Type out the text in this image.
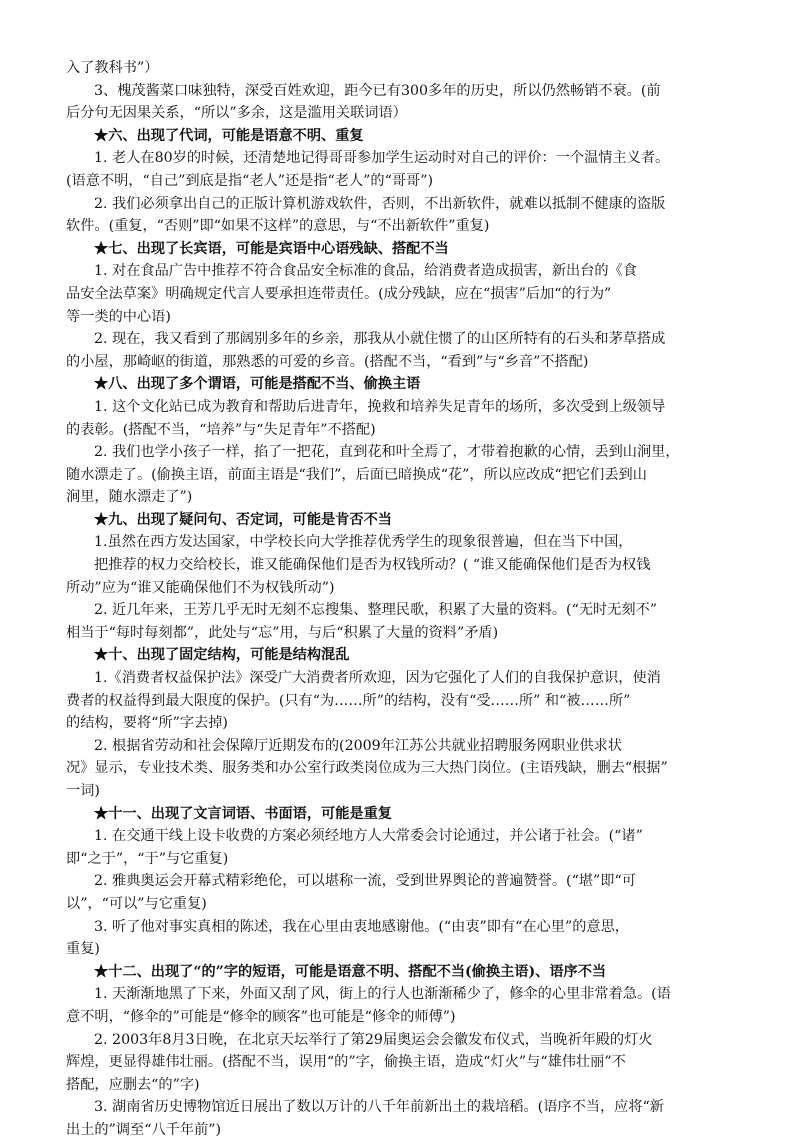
入了教科书”）
3、槐茂酱菜口味独特，深受百姓欢迎，距今已有300多年的历史，所以仍然畅销不衰。(前
后分句无因果关系，“所以”多余，这是滥用关联词语）
★六、出现了代词，可能是语意不明、重复
1. 老人在80岁的时候，还清楚地记得哥哥参加学生运动时对自己的评价：一个温情主义者。
(语意不明，“自己”到底是指“老人”还是指“老人”的“哥哥”)
2. 我们必须拿出自己的正版计算机游戏软件，否则，不出新软件，就难以抵制不健康的盗版
软件。(重复，“否则”即“如果不这样”的意思，与“不出新软件”重复)
★七、出现了长宾语，可能是宾语中心语残缺、搭配不当
1. 对在食品广告中推荐不符合食品安全标准的食品，给消费者造成损害，新出台的《食
品安全法草案》明确规定代言人要承担连带责任。(成分残缺，应在“损害”后加“的行为”
等一类的中心语)
2. 现在，我又看到了那阔别多年的乡亲，那我从小就住惯了的山区所特有的石头和茅草搭成
的小屋，那崎岖的街道，那熟悉的可爱的乡音。(搭配不当，“看到”与“乡音”不搭配)
★八、出现了多个谓语，可能是搭配不当、偷换主语
1. 这个文化站已成为教育和帮助后进青年，挽救和培养失足青年的场所，多次受到上级领导
的表彰。(搭配不当，“培养”与“失足青年”不搭配)
2. 我们也学小孩子一样，掐了一把花，直到花和叶全焉了，才带着抱歉的心情，丢到山涧里，
随水漂走了。(偷换主语，前面主语是“我们”，后面已暗换成“花”，所以应改成“把它们丢到山
涧里，随水漂走了”)
★九、出现了疑问句、否定词，可能是肯否不当
1.虽然在西方发达国家，中学校长向大学推荐优秀学生的现象很普遍，但在当下中国，
把推荐的权力交给校长，谁又能确保他们是否为权钱所动？( “谁又能确保他们是否为权钱
所动”应为“谁又能确保他们不为权钱所动”)
2. 近几年来，王芳几乎无时无刻不忘搜集、整理民歌，积累了大量的资料。(“无时无刻不”
相当于“每时每刻都”，此处与“忘”用，与后“积累了大量的资料”矛盾)
★十、出现了固定结构，可能是结构混乱
1.《消费者权益保护法》深受广大消费者所欢迎，因为它强化了人们的自我保护意识，使消
费者的权益得到最大限度的保护。(只有“为……所”的结构，没有“受……所” 和“被……所”
的结构，要将“所”字去掉)
2. 根据省劳动和社会保障厅近期发布的(2009年江苏公共就业招聘服务网职业供求状
况》显示，专业技术类、服务类和办公室行政类岗位成为三大热门岗位。(主语残缺，删去“根据”
一词)
★十一、出现了文言词语、书面语，可能是重复
1. 在交通干线上设卡收费的方案必须经地方人大常委会讨论通过，并公诸于社会。(“诸”
即“之于”，“于”与它重复)
2. 雅典奥运会开幕式精彩绝伦，可以堪称一流，受到世界舆论的普遍赞誉。(“堪”即“可
以”，“可以”与它重复)
3. 听了他对事实真相的陈述，我在心里由衷地感谢他。(“由衷”即有“在心里”的意思，
重复)
★十二、出现了“的”字的短语，可能是语意不明、搭配不当(偷换主语)、语序不当
1. 天渐渐地黑了下来，外面又刮了风，街上的行人也渐渐稀少了，修伞的心里非常着急。(语
意不明，“修伞的”可能是“修伞的顾客”也可能是“修伞的师傅”)
2. 2003年8月3日晚，在北京天坛举行了第29届奥运会会徽发布仪式，当晚祈年殿的灯火
辉煌，更显得雄伟壮丽。(搭配不当，误用“的”字，偷换主语，造成“灯火”与“雄伟壮丽”不
搭配，应删去“的”字)
3. 湖南省历史博物馆近日展出了数以万计的八千年前新出土的栽培稻。(语序不当，应将“新
出土的”调至“八千年前”)
